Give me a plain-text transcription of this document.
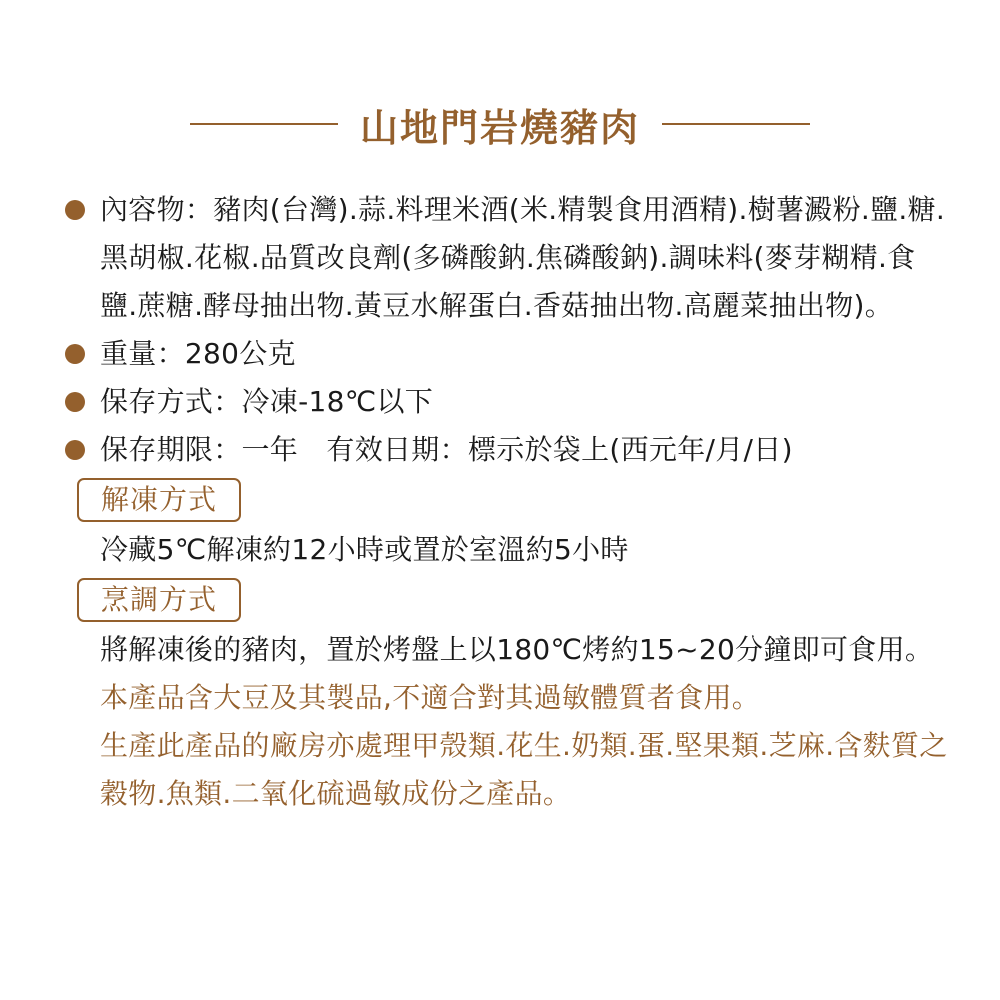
山地門岩燒豬肉
內容物：豬肉(台灣).蒜.料理米酒(米.精製食用酒精).樹薯澱粉.鹽.糖.黑胡椒.花椒.品質改良劑(多磷酸鈉.焦磷酸鈉).調味料(麥芽糊精.食鹽.蔗糖.酵母抽出物.黃豆水解蛋白.香菇抽出物.高麗菜抽出物)。
重量：280公克
保存方式：冷凍-18℃以下
保存期限：一年　有效日期：標示於袋上(西元年/月/日)
解凍方式
冷藏5℃解凍約12小時或置於室溫約5小時
烹調方式
將解凍後的豬肉，置於烤盤上以180℃烤約15~20分鐘即可食用。
本產品含大豆及其製品,不適合對其過敏體質者食用。
生產此產品的廠房亦處理甲殼類.花生.奶類.蛋.堅果類.芝麻.含麩質之穀物.魚類.二氧化硫過敏成份之產品。
